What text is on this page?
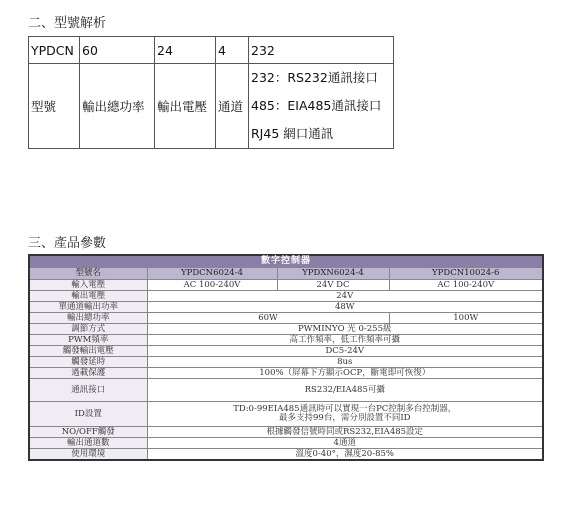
二、型號解析
YPDCN	60	24	4	232
型號	輸出總功率	輸出電壓	通道	232：RS232通訊接口
485：EIA485通訊接口
RJ45 網口通訊
三、產品參數
數字控制器			
型號名	YPDCN6024-4	YPDXN6024-4	YPDCN10024-6
輸入電壓	AC 100-240V	24V DC	AC 100-240V
輸出電壓	24V		
單通道輸出功率	48W		
輸出總功率	60W		100W
調節方式	PWMINYO 光 0-255級		
PWM頻率	高工作頻率，低工作頻率可攝		
觸發輸出電壓	DC5-24V		
觸發延時	8us		
過載保護	100%（屏幕下方顯示OCP，斷電即可恢復）		
通訊接口	RS232/EIA485可攝		
ID設置	TD:0-99EIA485通訊時可以實現一台PC控制多台控制器，
最多支持99台，需分別設置不同ID		

NO/OFF觸發	根據觸發信號時同或RS232,EIA485設定		
輸出通道數	4通道		
使用環境	溫度0-40°，濕度20-85%		
